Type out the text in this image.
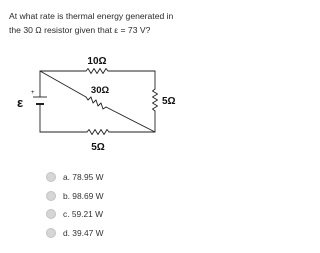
At what rate is thermal energy generated in
the 30 Ω resistor given that ε = 73 V?
10Ω
30Ω
5Ω
5Ω
ε
+
a. 78.95 W
b. 98.69 W
c. 59.21 W
d. 39.47 W
